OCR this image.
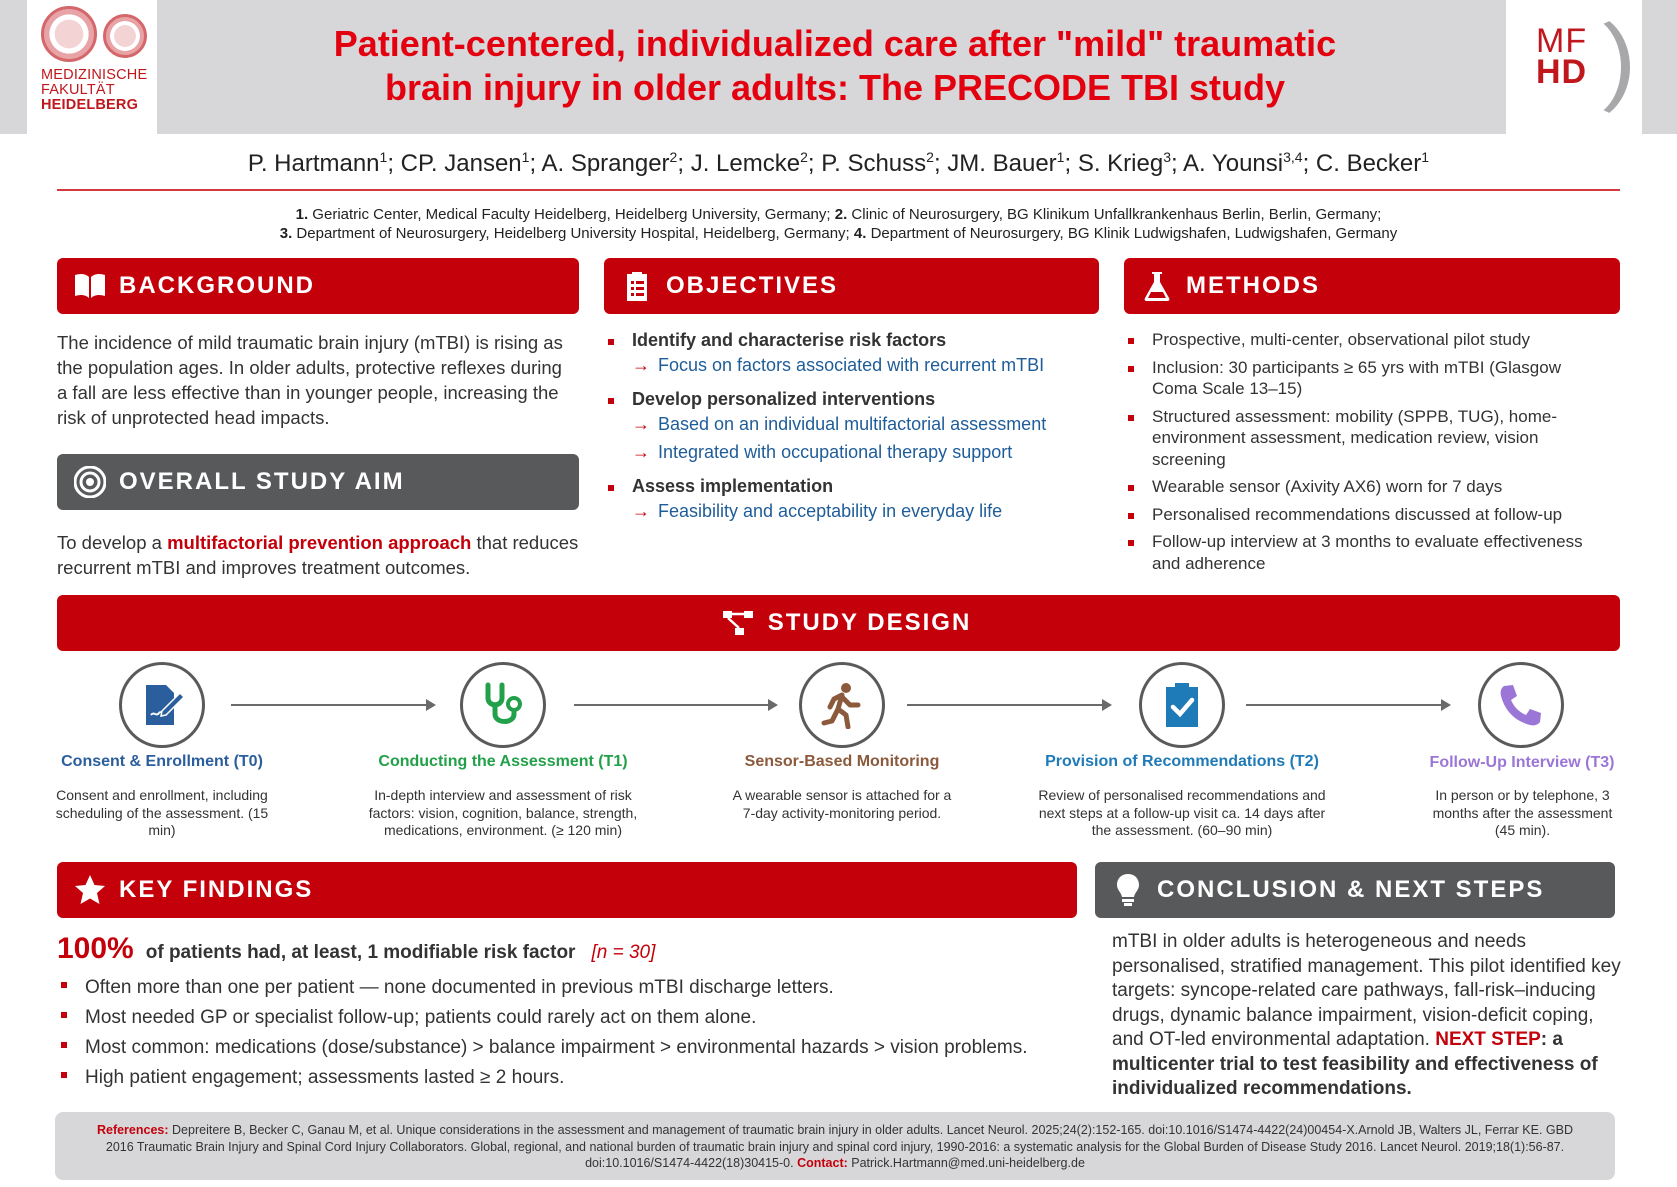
MEDIZINISCHE
FAKULTÄT
HEIDELBERG
Patient-centered, individualized care after "mild" traumatic
brain injury in older adults: The PRECODE TBI study
MF
HD
P. Hartmann$^1$; CP. Jansen$^1$; A. Spranger$^2$; J. Lemcke$^2$; P. Schuss$^2$; JM. Bauer$^1$; S. Krieg$^3$; A. Younsi$^{3,4}$; C. Becker$^1$
1. Geriatric Center, Medical Faculty Heidelberg, Heidelberg University, Germany; 2. Clinic of Neurosurgery, BG Klinikum Unfallkrankenhaus Berlin, Berlin, Germany;
3. Department of Neurosurgery, Heidelberg University Hospital, Heidelberg, Germany; 4. Department of Neurosurgery, BG Klinik Ludwigshafen, Ludwigshafen, Germany
BACKGROUND
The incidence of mild traumatic brain injury (mTBI) is rising as the population ages. In older adults, protective reflexes during a fall are less effective than in younger people, increasing the risk of unprotected head impacts.
OVERALL STUDY AIM
To develop a multifactorial prevention approach that reduces recurrent mTBI and improves treatment outcomes.
OBJECTIVES
Identify and characterise risk factors
→ Focus on factors associated with recurrent mTBI
Develop personalized interventions
→ Based on an individual multifactorial assessment
→ Integrated with occupational therapy support
Assess implementation
→ Feasibility and acceptability in everyday life
METHODS
Prospective, multi-center, observational pilot study
Inclusion: 30 participants ≥ 65 yrs with mTBI (Glasgow Coma Scale 13–15)
Structured assessment: mobility (SPPB, TUG), home-environment assessment, medication review, vision screening
Wearable sensor (Axivity AX6) worn for 7 days
Personalised recommendations discussed at follow-up
Follow-up interview at 3 months to evaluate effectiveness and adherence
STUDY DESIGN
Consent & Enrollment (T0)
Consent and enrollment, including scheduling of the assessment. (15 min)
Conducting the Assessment (T1)
In-depth interview and assessment of risk factors: vision, cognition, balance, strength, medications, environment. (≥ 120 min)
Sensor-Based Monitoring
A wearable sensor is attached for a 7-day activity-monitoring period.
Provision of Recommendations (T2)
Review of personalised recommendations and next steps at a follow-up visit ca. 14 days after the assessment. (60–90 min)
Follow-Up Interview (T3)
In person or by telephone, 3 months after the assessment (45 min).
KEY FINDINGS
100% of patients had, at least, 1 modifiable risk factor [n = 30]
Often more than one per patient — none documented in previous mTBI discharge letters.
Most needed GP or specialist follow-up; patients could rarely act on them alone.
Most common: medications (dose/substance) > balance impairment > environmental hazards > vision problems.
High patient engagement; assessments lasted ≥ 2 hours.
CONCLUSION & NEXT STEPS
mTBI in older adults is heterogeneous and needs personalised, stratified management. This pilot identified key targets: syncope-related care pathways, fall-risk–inducing drugs, dynamic balance impairment, vision-deficit coping, and OT-led environmental adaptation. NEXT STEP: a multicenter trial to test feasibility and effectiveness of individualized recommendations.
References: Depreitere B, Becker C, Ganau M, et al. Unique considerations in the assessment and management of traumatic brain injury in older adults. Lancet Neurol. 2025;24(2):152-165. doi:10.1016/S1474-4422(24)00454-X.Arnold JB, Walters JL, Ferrar KE. GBD 2016 Traumatic Brain Injury and Spinal Cord Injury Collaborators. Global, regional, and national burden of traumatic brain injury and spinal cord injury, 1990-2016: a systematic analysis for the Global Burden of Disease Study 2016. Lancet Neurol. 2019;18(1):56-87. doi:10.1016/S1474-4422(18)30415-0. Contact: Patrick.Hartmann@med.uni-heidelberg.de
